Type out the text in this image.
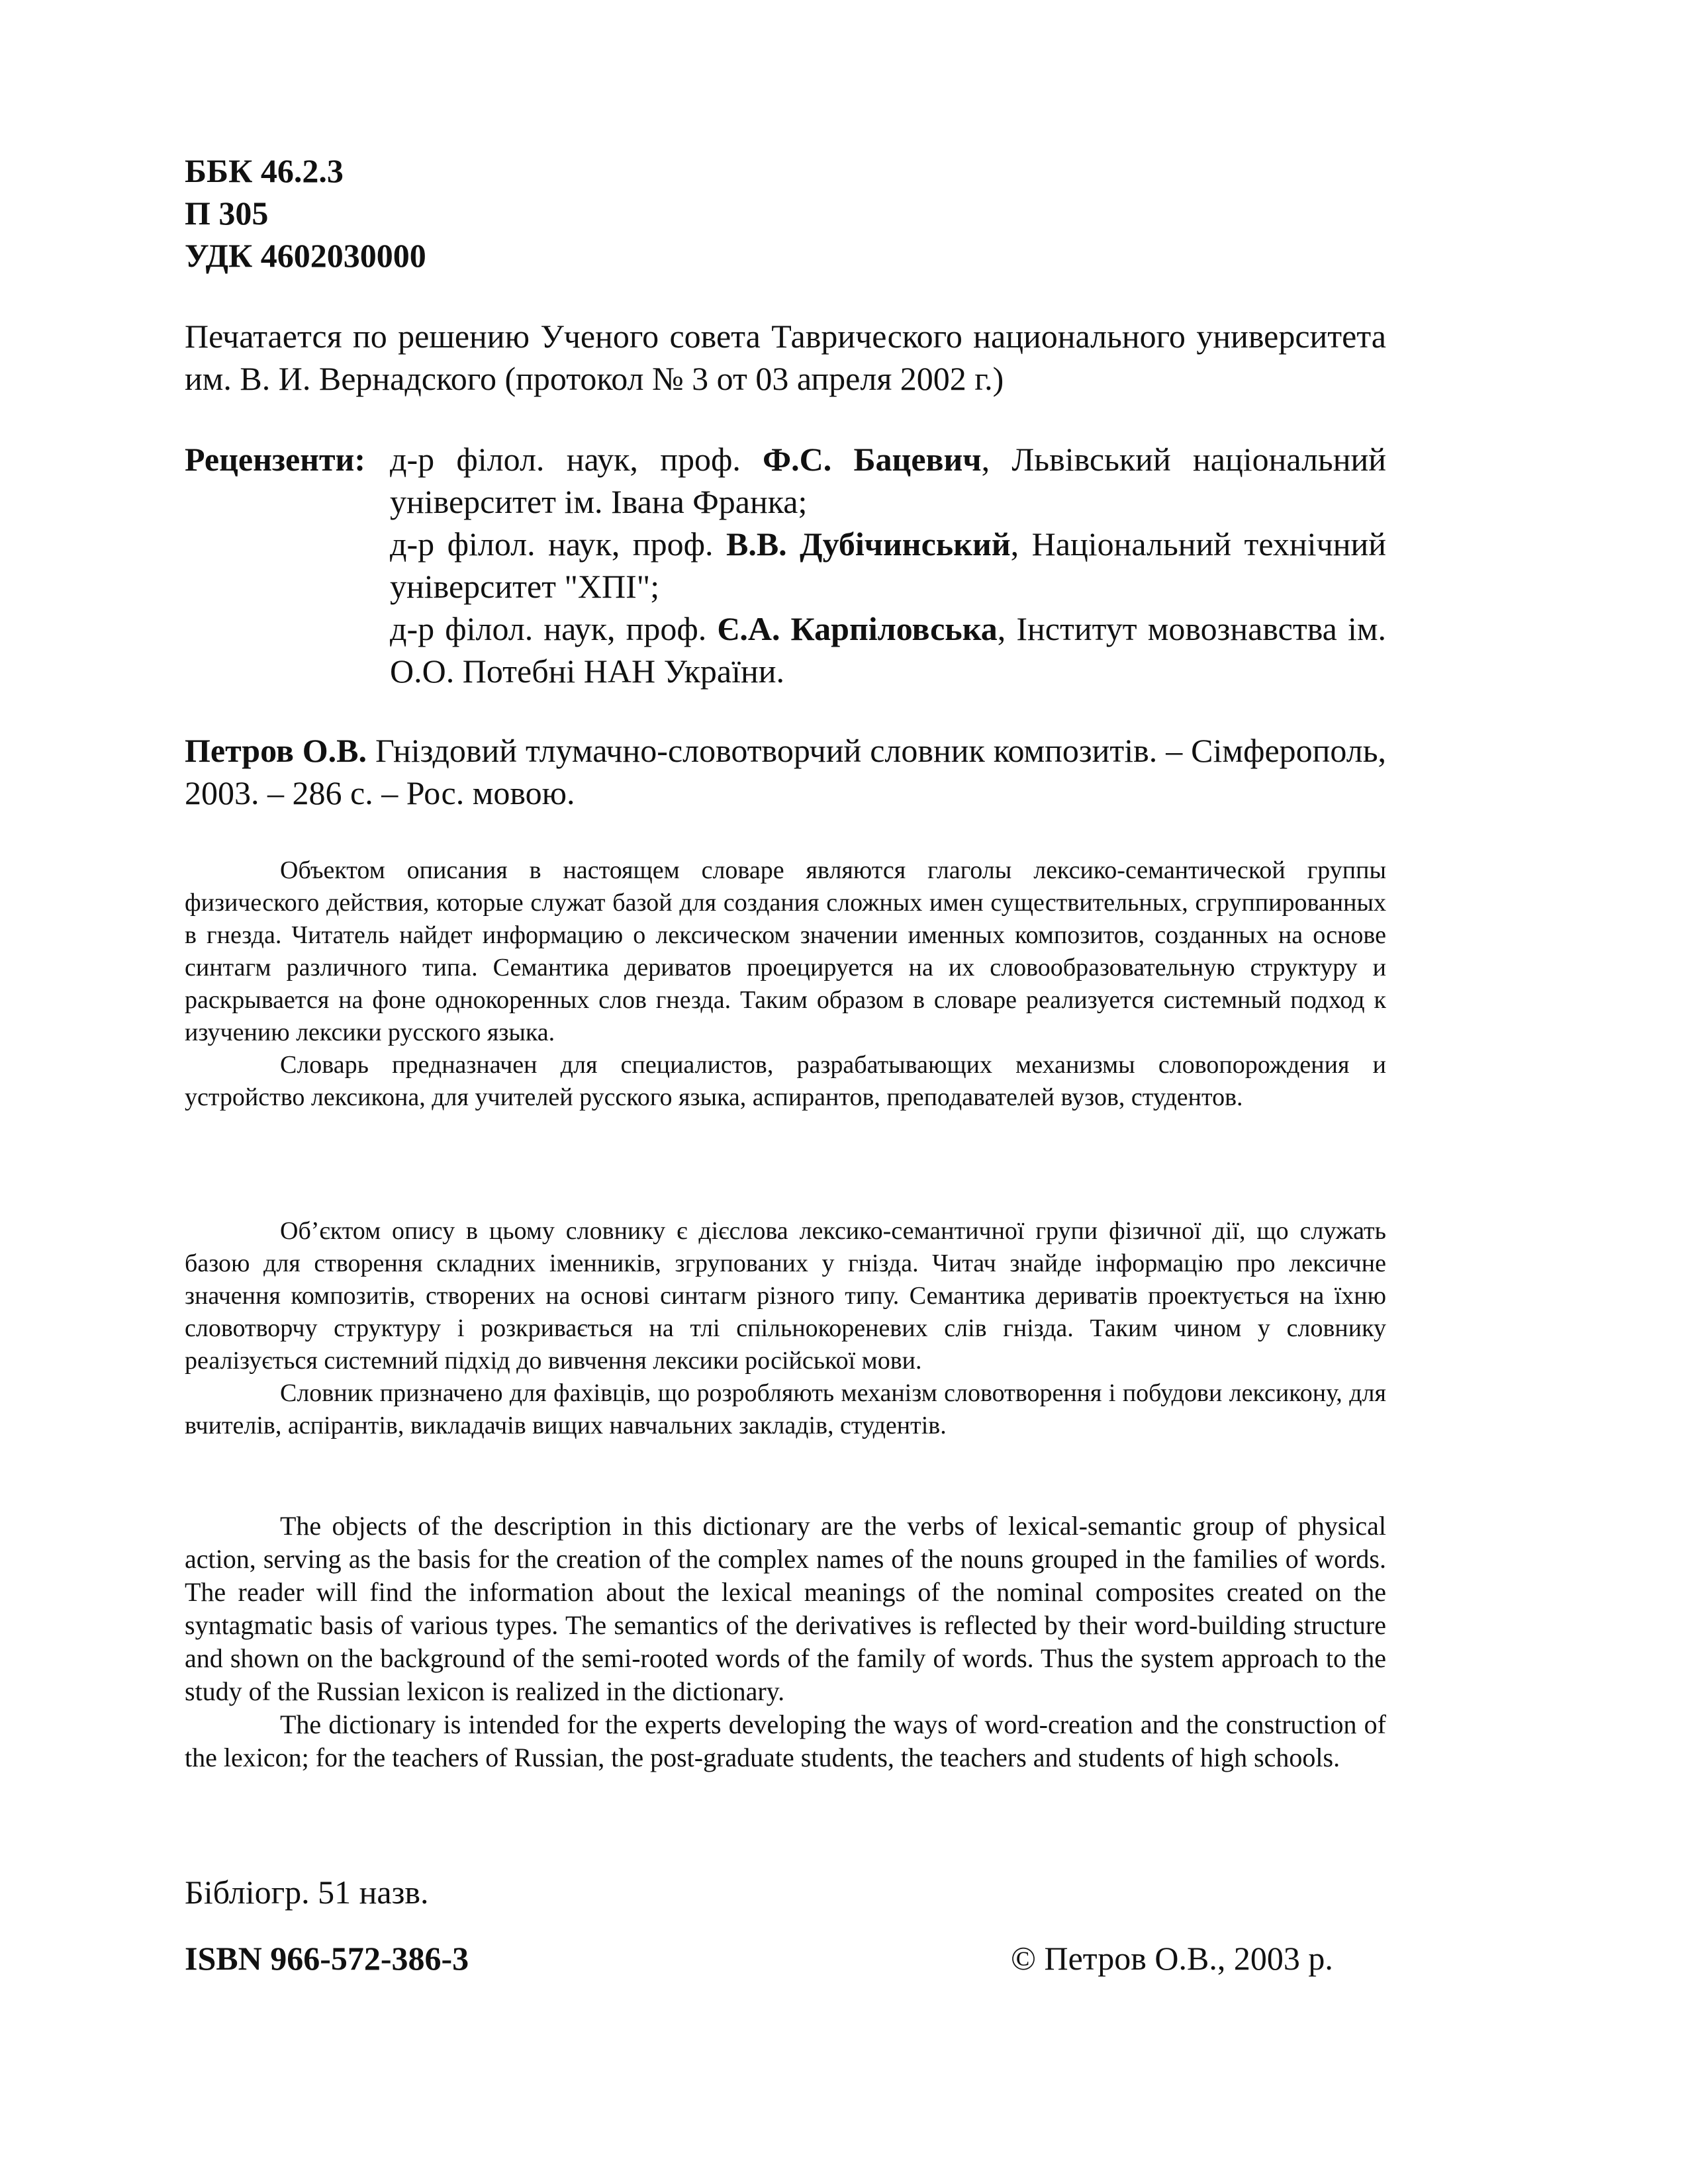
ББК 46.2.3
П 305
УДК 4602030000

Печатается по решению Ученого совета Таврического национального университета им. В. И. Вернадского (протокол № 3 от 03 апреля 2002 г.)

Рецензенти: д-р філол. наук, проф. Ф.С. Бацевич, Львівський національний університет ім. Івана Франка;

д-р філол. наук, проф. В.В. Дубічинський, Національний технічний університет "ХПІ";

д-р філол. наук, проф. Є.А. Карпіловська, Інститут мовознавства ім. О.О. Потебні НАН України.

Петров О.В. Гніздовий тлумачно-словотворчий словник композитів. – Сімферополь, 2003. – 286 с. – Рос. мовою.

Объектом описания в настоящем словаре являются глаголы лексико-семантической группы физического действия, которые служат базой для создания сложных имен существительных, сгруппированных в гнезда. Читатель найдет информацию о лексическом значении именных композитов, созданных на основе синтагм различного типа. Семантика дериватов проецируется на их словообразовательную структуру и раскрывается на фоне однокоренных слов гнезда. Таким образом в словаре реализуется системный подход к изучению лексики русского языка.

Словарь предназначен для специалистов, разрабатывающих механизмы словопорождения и устройство лексикона, для учителей русского языка, аспирантов, преподавателей вузов, студентов.

Об’єктом опису в цьому словнику є дієслова лексико-семантичної групи фізичної дії, що служать базою для створення складних іменників, згрупованих у гнізда. Читач знайде інформацію про лексичне значення композитів, створених на основі синтагм різного типу. Семантика дериватів проектується на їхню словотворчу структуру і розкривається на тлі спільнокореневих слів гнізда. Таким чином у словнику реалізується системний підхід до вивчення лексики російської мови.

Словник призначено для фахівців, що розробляють механізм словотворення і побудови лексикону, для вчителів, аспірантів, викладачів вищих навчальних закладів, студентів.

The objects of the description in this dictionary are the verbs of lexical-semantic group of physical action, serving as the basis for the creation of the complex names of the nouns grouped in the families of words. The reader will find the information about the lexical meanings of the nominal composites created on the syntagmatic basis of various types. The semantics of the derivatives is reflected by their word-building structure and shown on the background of the semi-rooted words of the family of words. Thus the system approach to the study of the Russian lexicon is realized in the dictionary.

The dictionary is intended for the experts developing the ways of word-creation and the construction of the lexicon; for the teachers of Russian, the post-graduate students, the teachers and students of high schools.

Бібліогр. 51 назв.
ISBN 966-572-386-3	© Петров О.В., 2003 р.
